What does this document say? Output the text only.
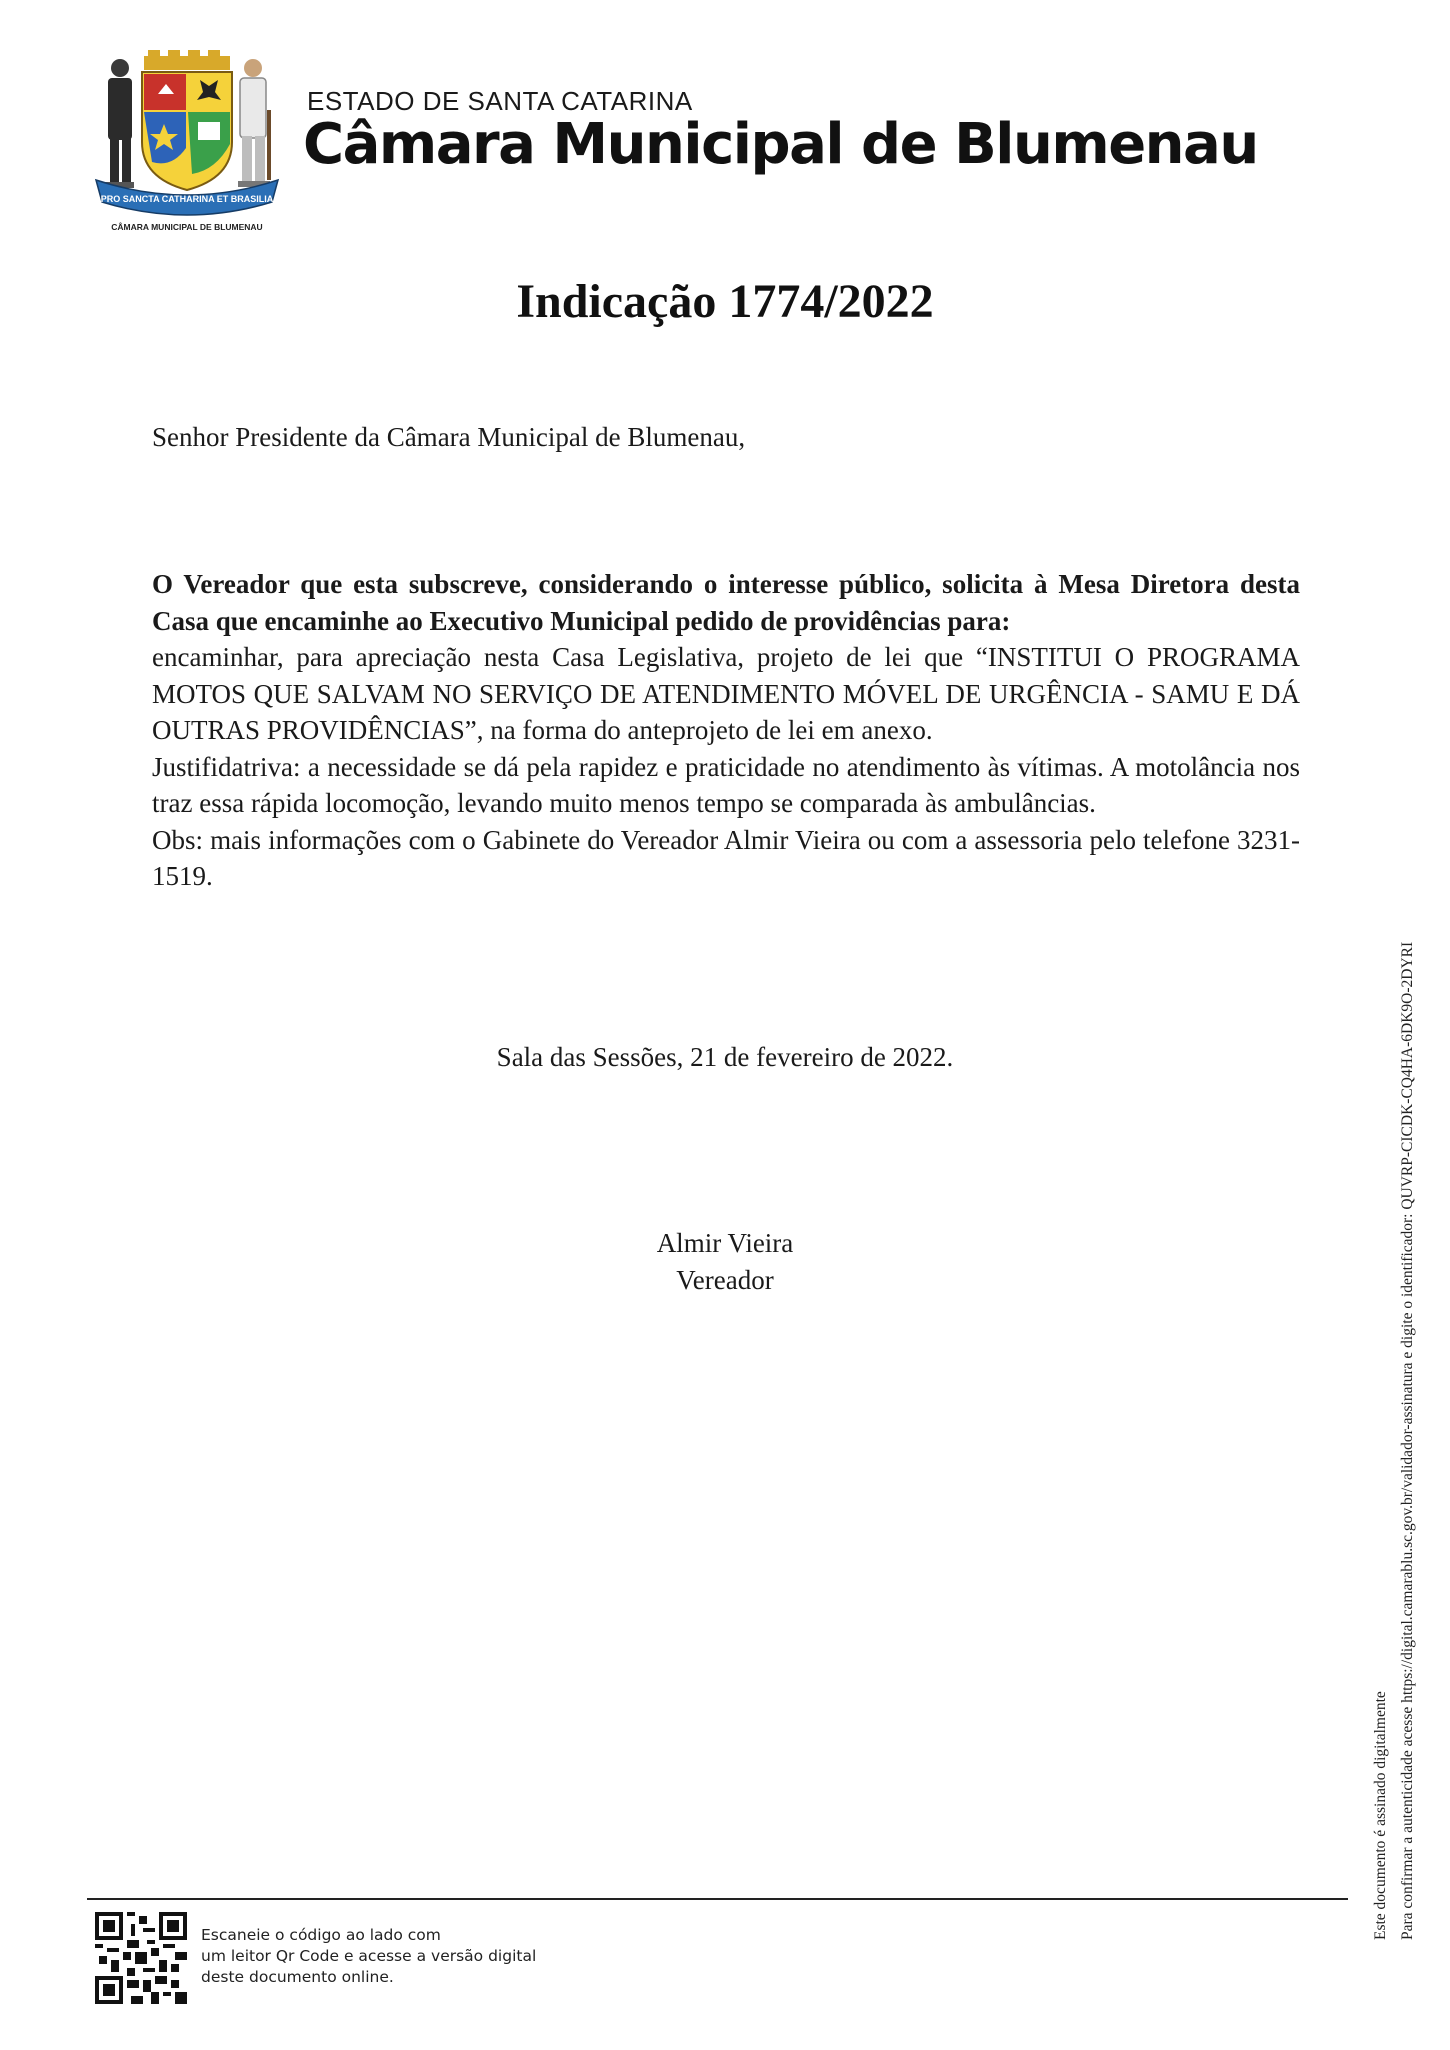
PRO SANCTA CATHARINA ET BRASILIA
CÂMARA MUNICIPAL DE BLUMENAU
ESTADO DE SANTA CATARINA
Câmara Municipal de Blumenau
Indicação 1774/2022
Senhor Presidente da Câmara Municipal de Blumenau,

O Vereador que esta subscreve, considerando o interesse público, solicita à Mesa Diretora desta Casa que encaminhe ao Executivo Municipal pedido de providências para:

encaminhar, para apreciação nesta Casa Legislativa, projeto de lei que “INSTITUI O PROGRAMA MOTOS QUE SALVAM NO SERVIÇO DE ATENDIMENTO MÓVEL DE URGÊNCIA - SAMU E DÁ OUTRAS PROVIDÊNCIAS”, na forma do anteprojeto de lei em anexo.

Justifidatriva: a necessidade se dá pela rapidez e praticidade no atendimento às vítimas. A motolância nos traz essa rápida locomoção, levando muito menos tempo se comparada às ambulâncias.

Obs: mais informações com o Gabinete do Vereador Almir Vieira ou com a assessoria pelo telefone 3231-1519.

Sala das Sessões, 21 de fevereiro de 2022.
Almir Vieira
Vereador
Este documento é assinado digitalmente Para confirmar a autenticidade acesse https://digital.camarablu.sc.gov.br/validador-assinatura e digite o identificador: QUVRP-CICDK-CQ4HA-6DK9O-2DYRI
Escaneie o código ao lado com
um leitor Qr Code e acesse a versão digital
deste documento online.
